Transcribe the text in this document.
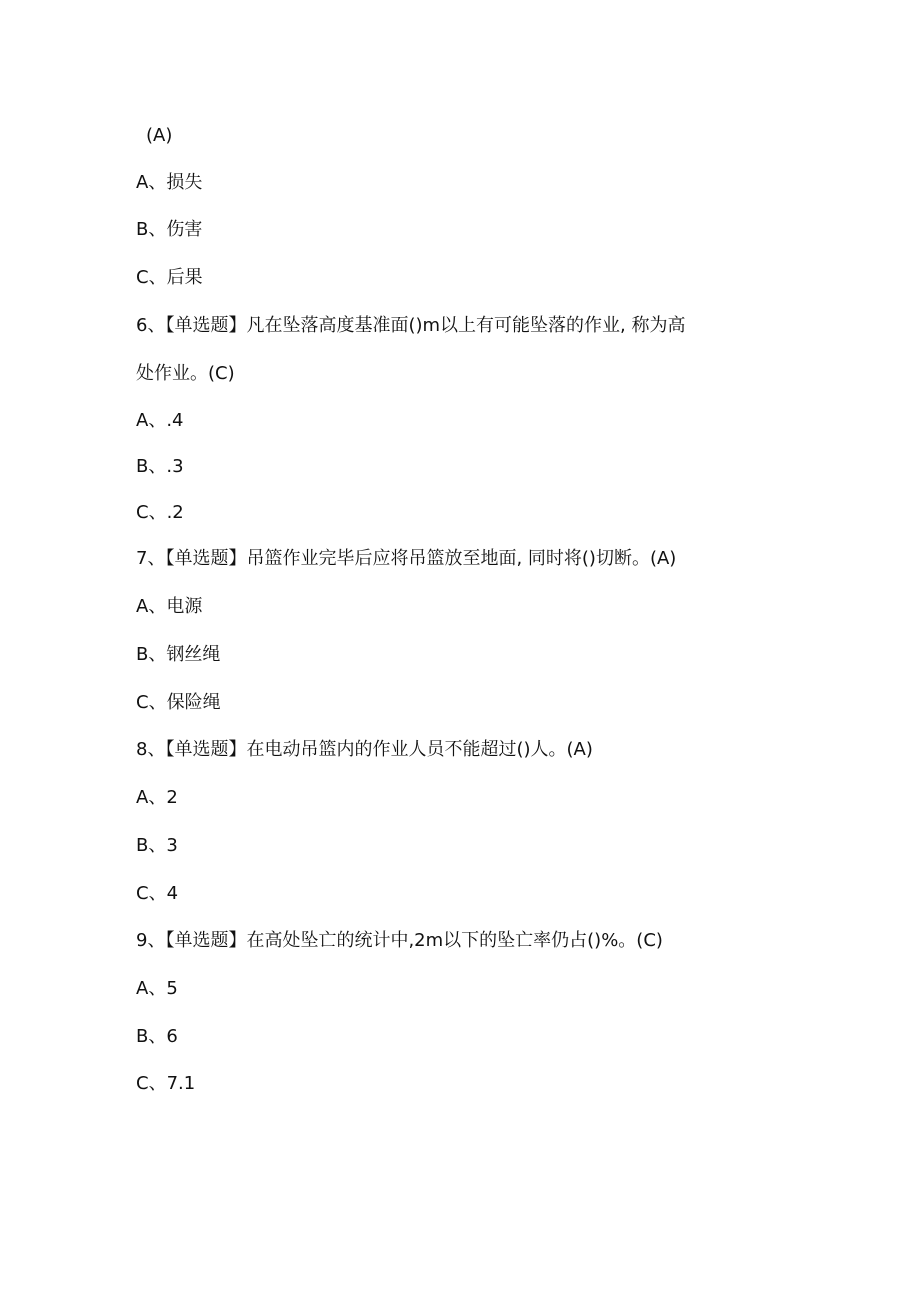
(A)
A、损失
B、伤害
C、后果
6、【单选题】凡在坠落高度基准面()m以上有可能坠落的作业, 称为高
处作业。(C)
A、.4
B、.3
C、.2
7、【单选题】吊篮作业完毕后应将吊篮放至地面, 同时将()切断。(A)
A、电源
B、钢丝绳
C、保险绳
8、【单选题】在电动吊篮内的作业人员不能超过()人。(A)
A、2
B、3
C、4
9、【单选题】在高处坠亡的统计中,2m以下的坠亡率仍占()%。(C)
A、5
B、6
C、7.1
